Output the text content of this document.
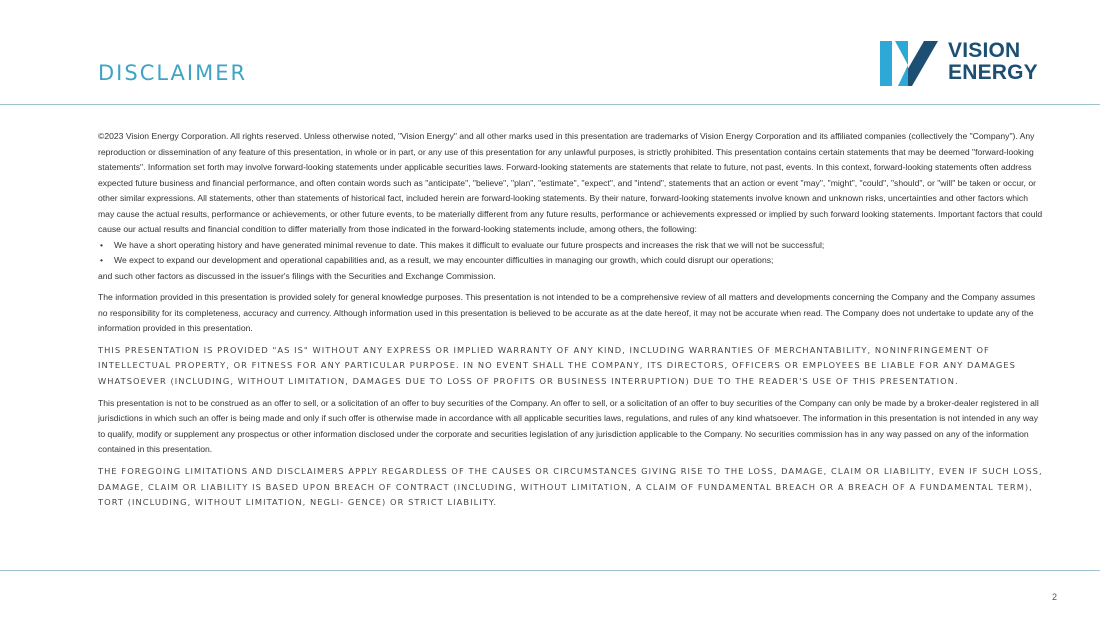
DISCLAIMER
VISION
ENERGY

©2023 Vision Energy Corporation. All rights reserved. Unless otherwise noted, "Vision Energy" and all other marks used in this presentation are trademarks of Vision Energy Corporation and its affiliated companies (collectively the "Company"). Any reproduction or dissemination of any feature of this presentation, in whole or in part, or any use of this presentation for any unlawful purposes, is strictly prohibited. This presentation contains certain statements that may be deemed "forward-looking statements". Information set forth may involve forward-looking statements under applicable securities laws. Forward-looking statements are statements that relate to future, not past, events. In this context, forward-looking statements often address expected future business and financial performance, and often contain words such as "anticipate", "believe", "plan", "estimate", "expect", and "intend", statements that an action or event "may", "might", "could", "should", or "will" be taken or occur, or other similar expressions. All statements, other than statements of historical fact, included herein are forward-looking statements. By their nature, forward-looking statements involve known and unknown risks, uncertainties and other factors which may cause the actual results, performance or achievements, or other future events, to be materially different from any future results, performance or achievements expressed or implied by such forward looking statements. Important factors that could cause our actual results and financial condition to differ materially from those indicated in the forward-looking statements include, among others, the following:

• We have a short operating history and have generated minimal revenue to date. This makes it difficult to evaluate our future prospects and increases the risk that we will not be successful;

• We expect to expand our development and operational capabilities and, as a result, we may encounter difficulties in managing our growth, which could disrupt our operations;

and such other factors as discussed in the issuer's filings with the Securities and Exchange Commission.

The information provided in this presentation is provided solely for general knowledge purposes. This presentation is not intended to be a comprehensive review of all matters and developments concerning the Company and the Company assumes no responsibility for its completeness, accuracy and currency. Although information used in this presentation is believed to be accurate as at the date hereof, it may not be accurate when read. The Company does not undertake to update any of the information provided in this presentation.

THIS PRESENTATION IS PROVIDED "AS IS" WITHOUT ANY EXPRESS OR IMPLIED WARRANTY OF ANY KIND, INCLUDING WARRANTIES OF MERCHANTABILITY, NONINFRINGEMENT OF INTELLECTUAL PROPERTY, OR FITNESS FOR ANY PARTICULAR PURPOSE. IN NO EVENT SHALL THE COMPANY, ITS DIRECTORS, OFFICERS OR EMPLOYEES BE LIABLE FOR ANY DAMAGES WHATSOEVER (INCLUDING, WITHOUT LIMITATION, DAMAGES DUE TO LOSS OF PROFITS OR BUSINESS INTERRUPTION) DUE TO THE READER'S USE OF THIS PRESENTATION.

This presentation is not to be construed as an offer to sell, or a solicitation of an offer to buy securities of the Company. An offer to sell, or a solicitation of an offer to buy securities of the Company can only be made by a broker-dealer registered in all jurisdictions in which such an offer is being made and only if such offer is otherwise made in accordance with all applicable securities laws, regulations, and rules of any kind whatsoever. The information in this presentation is not intended in any way to qualify, modify or supplement any prospectus or other information disclosed under the corporate and securities legislation of any jurisdiction applicable to the Company. No securities commission has in any way passed on any of the information contained in this presentation.

THE FOREGOING LIMITATIONS AND DISCLAIMERS APPLY REGARDLESS OF THE CAUSES OR CIRCUMSTANCES GIVING RISE TO THE LOSS, DAMAGE, CLAIM OR LIABILITY, EVEN IF SUCH LOSS, DAMAGE, CLAIM OR LIABILITY IS BASED UPON BREACH OF CONTRACT (INCLUDING, WITHOUT LIMITATION, A CLAIM OF FUNDAMENTAL BREACH OR A BREACH OF A FUNDAMENTAL TERM), TORT (INCLUDING, WITHOUT LIMITATION, NEGLI- GENCE) OR STRICT LIABILITY.

2
